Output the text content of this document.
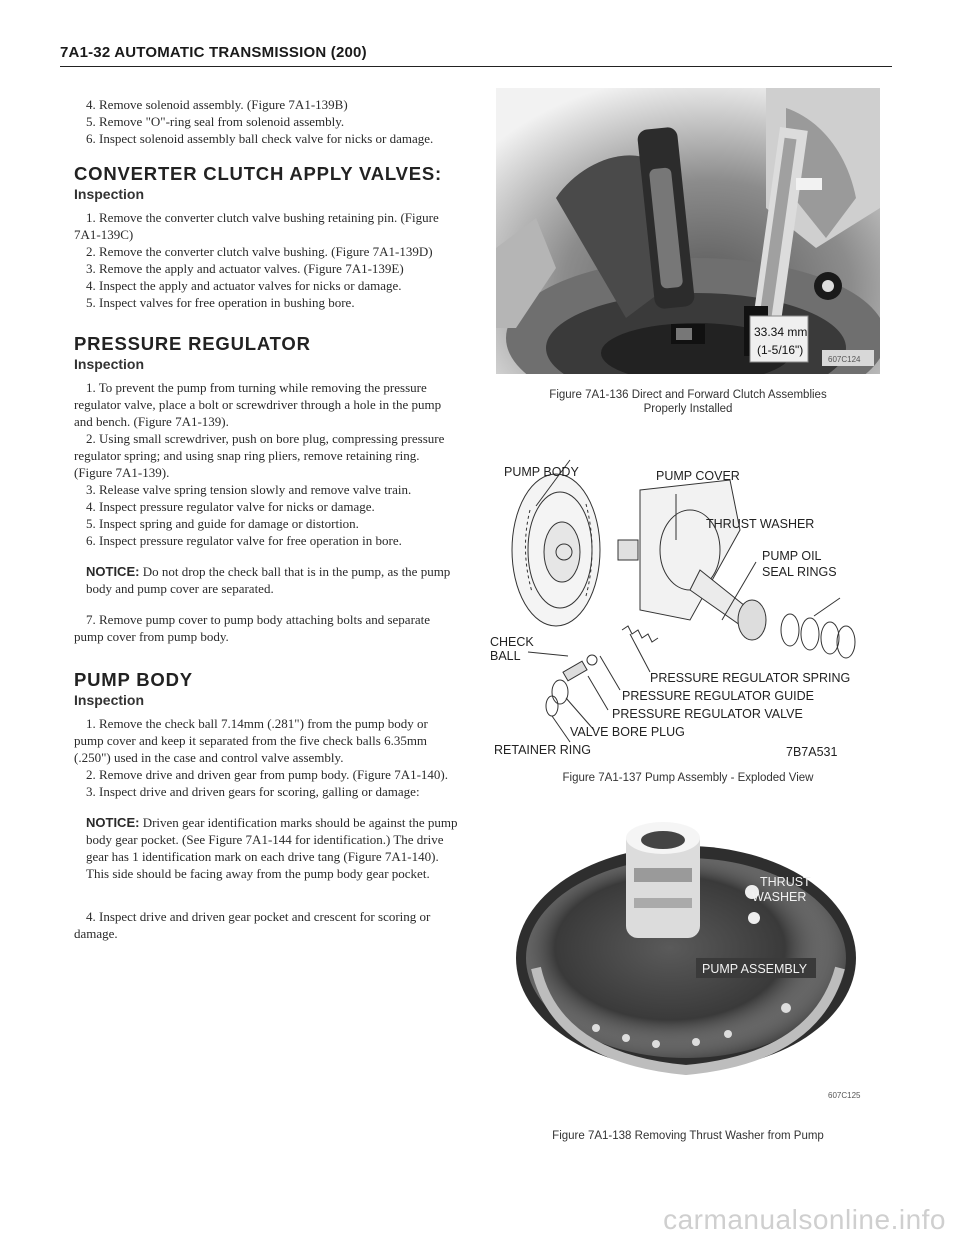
7A1-32 AUTOMATIC TRANSMISSION (200)

4. Remove solenoid assembly. (Figure 7A1-139B)

5. Remove "O"-ring seal from solenoid assembly.

6. Inspect solenoid assembly ball check valve for nicks or damage.

CONVERTER CLUTCH APPLY VALVES:
Inspection

1. Remove the converter clutch valve bushing retaining pin. (Figure 7A1-139C)

2. Remove the converter clutch valve bushing. (Figure 7A1-139D)

3. Remove the apply and actuator valves. (Figure 7A1-139E)

4. Inspect the apply and actuator valves for nicks or damage.

5. Inspect valves for free operation in bushing bore.

PRESSURE REGULATOR
Inspection

1. To prevent the pump from turning while removing the pressure regulator valve, place a bolt or screwdriver through a hole in the pump and bench. (Figure 7A1-139).

2. Using small screwdriver, push on bore plug, compressing pressure regulator spring; and using snap ring pliers, remove retaining ring. (Figure 7A1-139).

3. Release valve spring tension slowly and remove valve train.

4. Inspect pressure regulator valve for nicks or damage.

5. Inspect spring and guide for damage or distortion.

6. Inspect pressure regulator valve for free operation in bore.

NOTICE: Do not drop the check ball that is in the pump, as the pump body and pump cover are separated.

7. Remove pump cover to pump body attaching bolts and separate pump cover from pump body.

PUMP BODY
Inspection

1. Remove the check ball 7.14mm (.281") from the pump body or pump cover and keep it separated from the five check balls 6.35mm (.250") used in the case and control valve assembly.

2. Remove drive and driven gear from pump body. (Figure 7A1-140).

3. Inspect drive and driven gears for scoring, galling or damage:

NOTICE: Driven gear identification marks should be against the pump body gear pocket. (See Figure 7A1-144 for identification.) The drive gear has 1 identification mark on each drive tang (Figure 7A1-140). This side should be facing away from the pump body gear pocket.

4. Inspect drive and driven gear pocket and crescent for scoring or damage.

33.34 mm
(1-5/16")
607C124
Figure 7A1-136 Direct and Forward Clutch Assemblies
Properly Installed
PUMP BODY	PUMP COVER
THRUST WASHER
PUMP OIL
SEAL RINGS
CHECK
BALL
PRESSURE REGULATOR SPRING
PRESSURE REGULATOR GUIDE
PRESSURE REGULATOR VALVE
VALVE BORE PLUG
RETAINER RING	7B7A531
Figure 7A1-137 Pump Assembly - Exploded View
THRUST
WASHER
PUMP ASSEMBLY
607C125
Figure 7A1-138 Removing Thrust Washer from Pump
carmanualsonline.info
